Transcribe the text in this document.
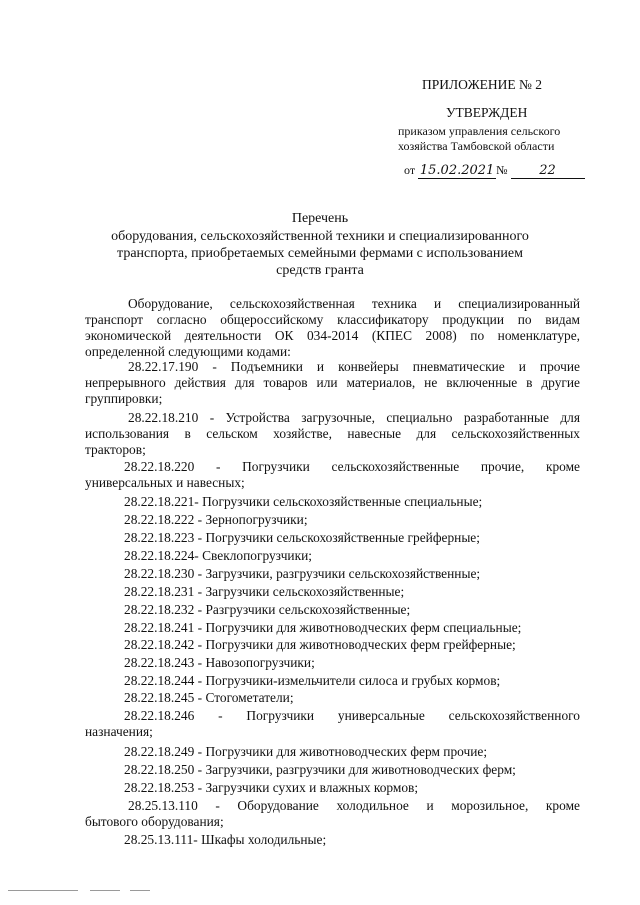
ПРИЛОЖЕНИЕ № 2
УТВЕРЖДЕН
приказом управления сельского
хозяйства Тамбовской области
от 15.02.2021 № 22
Перечень
оборудования, сельскохозяйственной техники и специализированного
транспорта, приобретаемых семейными фермами с использованием
средств гранта
Оборудование, сельскохозяйственная техника и специализированный
транспорт согласно общероссийскому классификатору продукции по видам
экономической деятельности ОК 034-2014 (КПЕС 2008) по номенклатуре,
определенной следующими кодами:
28.22.17.190 - Подъемники и конвейеры пневматические и прочие
непрерывного действия для товаров или материалов, не включенные в другие
группировки;
28.22.18.210 - Устройства загрузочные, специально разработанные для
использования в сельском хозяйстве, навесные для сельскохозяйственных
тракторов;
28.22.18.220 - Погрузчики сельскохозяйственные прочие, кроме
универсальных и навесных;
28.22.18.221- Погрузчики сельскохозяйственные специальные;
28.22.18.222 - Зернопогрузчики;
28.22.18.223 - Погрузчики сельскохозяйственные грейферные;
28.22.18.224- Свеклопогрузчики;
28.22.18.230 - Загрузчики, разгрузчики сельскохозяйственные;
28.22.18.231 - Загрузчики сельскохозяйственные;
28.22.18.232 - Разгрузчики сельскохозяйственные;
28.22.18.241 - Погрузчики для животноводческих ферм специальные;
28.22.18.242 - Погрузчики для животноводческих ферм грейферные;
28.22.18.243 - Навозопогрузчики;
28.22.18.244 - Погрузчики-измельчители силоса и грубых кормов;
28.22.18.245 - Стогометатели;
28.22.18.246 - Погрузчики универсальные сельскохозяйственного
назначения;
28.22.18.249 - Погрузчики для животноводческих ферм прочие;
28.22.18.250 - Загрузчики, разгрузчики для животноводческих ферм;
28.22.18.253 - Загрузчики сухих и влажных кормов;
28.25.13.110 - Оборудование холодильное и морозильное, кроме
бытового оборудования;
28.25.13.111- Шкафы холодильные;
